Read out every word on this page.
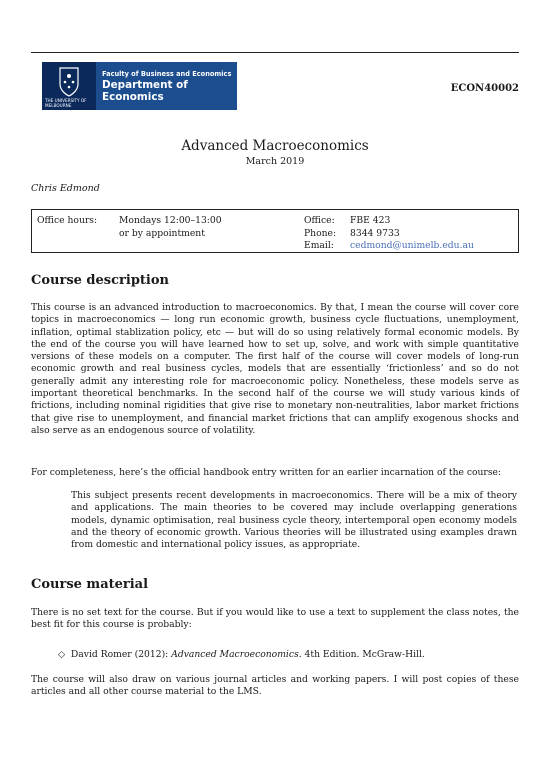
THE UNIVERSITY OF
MELBOURNE
Faculty of Business and Economics
Department of Economics
ECON40002
Advanced Macroeconomics
March 2019
Chris Edmond
Office hours: Mondays 12:00–13:00
or by appointment
Office: FBE 423
Phone: 8344 9733
Email: cedmond@unimelb.edu.au
Course description

This course is an advanced introduction to macroeconomics. By that, I mean the course will cover core topics in macroeconomics — long run economic growth, business cycle fluctuations, unemployment, inflation, optimal stablization policy, etc — but will do so using relatively formal economic models. By the end of the course you will have learned how to set up, solve, and work with simple quantitative versions of these models on a computer. The first half of the course will cover models of long-run economic growth and real business cycles, models that are essentially ‘frictionless’ and so do not generally admit any interesting role for macroeconomic policy. Nonetheless, these models serve as important theoretical benchmarks. In the second half of the course we will study various kinds of frictions, including nominal rigidities that give rise to monetary non-neutralities, labor market frictions that give rise to unemployment, and financial market frictions that can amplify exogenous shocks and also serve as an endogenous source of volatility.

For completeness, here’s the official handbook entry written for an earlier incarnation of the course:

This subject presents recent developments in macroeconomics. There will be a mix of theory and applications. The main theories to be covered may include overlapping generations models, dynamic optimisation, real business cycle theory, intertemporal open economy models and the theory of economic growth. Various theories will be illustrated using examples drawn from domestic and international policy issues, as appropriate.

Course material

There is no set text for the course. But if you would like to use a text to supplement the class notes, the best fit for this course is probably:

◇ David Romer (2012): Advanced Macroeconomics. 4th Edition. McGraw-Hill.

The course will also draw on various journal articles and working papers. I will post copies of these articles and all other course material to the LMS.
